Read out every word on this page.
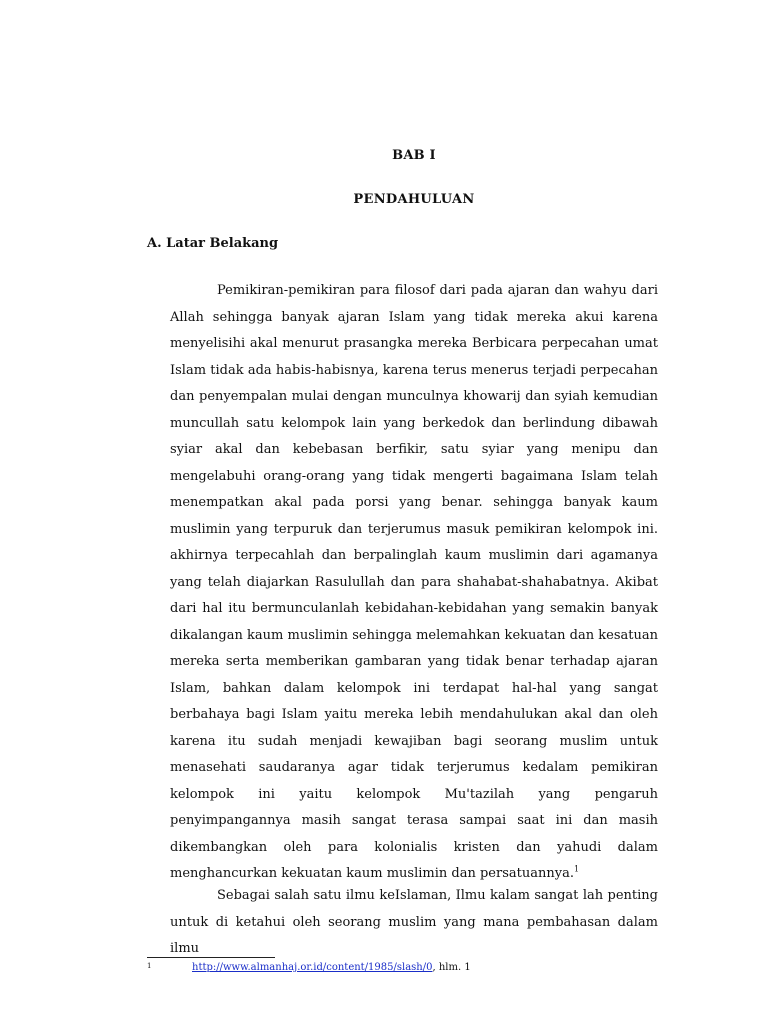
BAB I
PENDAHULUAN
A. Latar Belakang

Pemikiran-pemikiran para filosof dari pada ajaran dan wahyu dari Allah sehingga banyak ajaran Islam yang tidak mereka akui karena menyelisihi akal menurut prasangka mereka Berbicara perpecahan umat Islam tidak ada habis-habisnya, karena terus menerus terjadi perpecahan dan penyempalan mulai dengan munculnya khowarij dan syiah kemudian muncullah satu kelompok lain yang berkedok dan berlindung dibawah syiar akal dan kebebasan berfikir, satu syiar yang menipu dan mengelabuhi orang-orang yang tidak mengerti bagaimana Islam telah menempatkan akal pada porsi yang benar. sehingga banyak kaum muslimin yang terpuruk dan terjerumus masuk pemikiran kelompok ini. akhirnya terpecahlah dan berpalinglah kaum muslimin dari agamanya yang telah diajarkan Rasulullah dan para shahabat-shahabatnya. Akibat dari hal itu bermunculanlah kebidahan-kebidahan yang semakin banyak dikalangan kaum muslimin sehingga melemahkan kekuatan dan kesatuan mereka serta memberikan gambaran yang tidak benar terhadap ajaran Islam, bahkan dalam kelompok ini terdapat hal-hal yang sangat berbahaya bagi Islam yaitu mereka lebih mendahulukan akal dan oleh karena itu sudah menjadi kewajiban bagi seorang muslim untuk menasehati saudaranya agar tidak terjerumus kedalam pemikiran kelompok ini yaitu kelompok Mu'tazilah yang pengaruh penyimpangannya masih sangat terasa sampai saat ini dan masih dikembangkan oleh para kolonialis kristen dan yahudi dalam menghancurkan kekuatan kaum muslimin dan persatuannya.$^1$

Sebagai salah satu ilmu keIslaman, Ilmu kalam sangat lah penting untuk di ketahui oleh seorang muslim yang mana pembahasan dalam ilmu

1	http://www.almanhaj.or.id/content/1985/slash/0, hlm. 1
